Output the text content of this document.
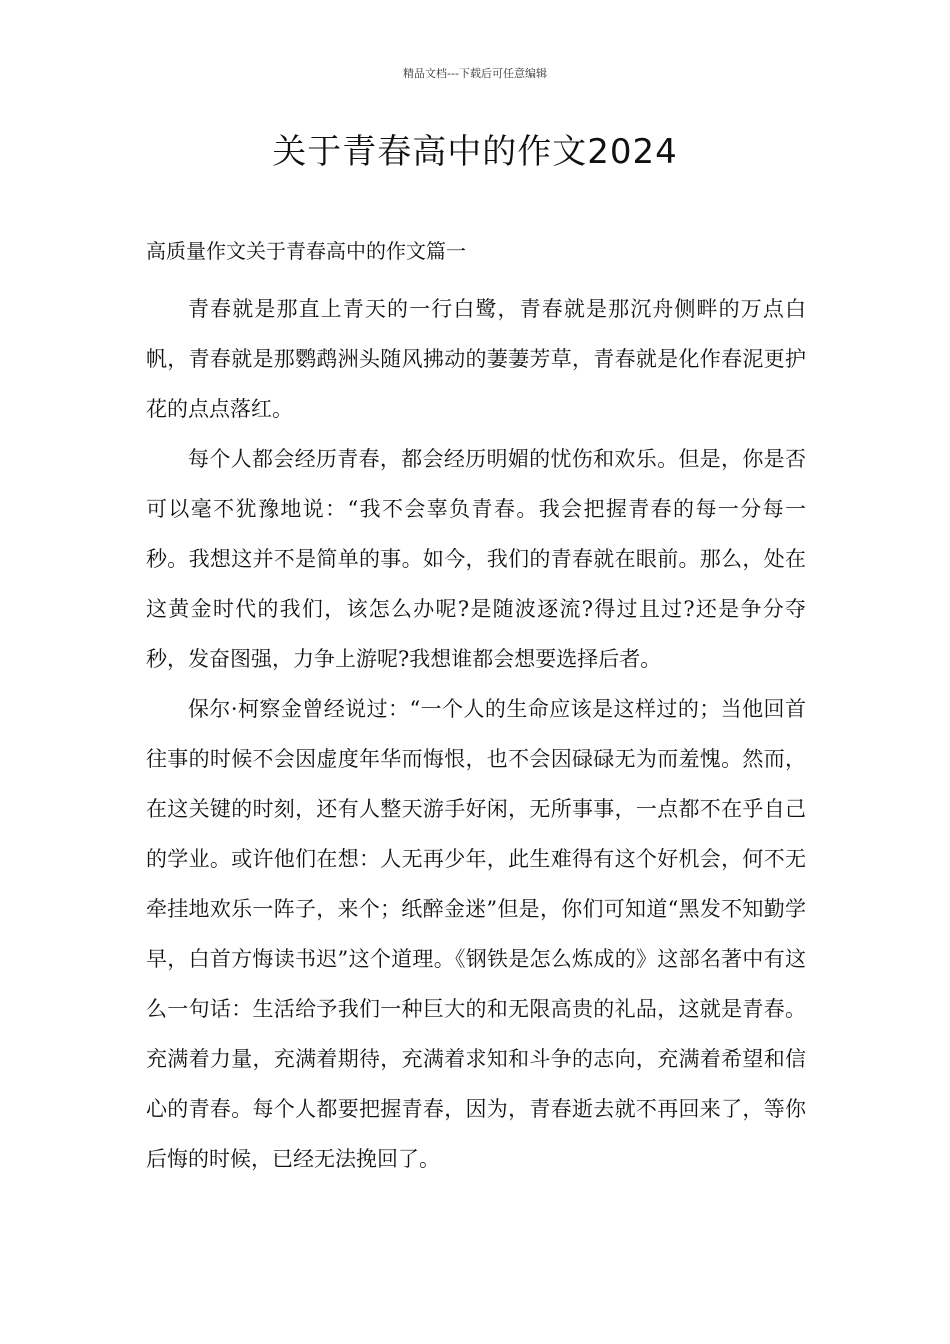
精品文档---下载后可任意编辑
关于青春高中的作文2024
高质量作文关于青春高中的作文篇一

青春就是那直上青天的一行白鹭，青春就是那沉舟侧畔的万点白帆，青春就是那鹦鹉洲头随风拂动的萋萋芳草，青春就是化作春泥更护花的点点落红。

每个人都会经历青春，都会经历明媚的忧伤和欢乐。但是，你是否可以毫不犹豫地说：“我不会辜负青春。我会把握青春的每一分每一秒。我想这并不是简单的事。如今，我们的青春就在眼前。那么，处在这黄金时代的我们，该怎么办呢?是随波逐流?得过且过?还是争分夺秒，发奋图强，力争上游呢?我想谁都会想要选择后者。

保尔·柯察金曾经说过：“一个人的生命应该是这样过的；当他回首往事的时候不会因虚度年华而悔恨，也不会因碌碌无为而羞愧。然而，在这关键的时刻，还有人整天游手好闲，无所事事，一点都不在乎自己的学业。或许他们在想：人无再少年，此生难得有这个好机会，何不无牵挂地欢乐一阵子，来个；纸醉金迷”但是，你们可知道“黑发不知勤学早，白首方悔读书迟”这个道理。《钢铁是怎么炼成的》这部名著中有这么一句话：生活给予我们一种巨大的和无限高贵的礼品，这就是青春。充满着力量，充满着期待，充满着求知和斗争的志向，充满着希望和信心的青春。每个人都要把握青春，因为，青春逝去就不再回来了，等你后悔的时候，已经无法挽回了。
